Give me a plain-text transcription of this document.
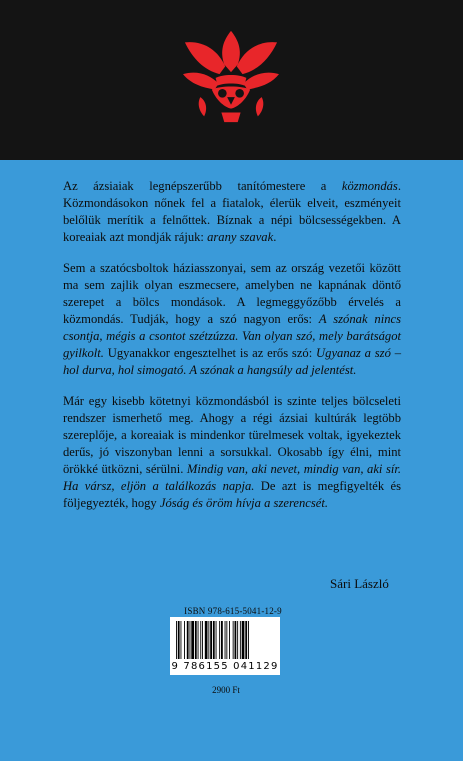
Az ázsiaiak legnépszerűbb tanítómestere a közmondás. Közmondásokon nőnek fel a fiatalok, élerük elveit, eszményeit belőlük merítik a felnőttek. Bíznak a népi bölcsességekben. A koreaiak azt mondják rájuk: arany szavak.

Sem a szatócsboltok háziasszonyai, sem az ország vezetői között ma sem zajlik olyan eszmecsere, amelyben ne kapnának döntő szerepet a bölcs mondások. A legmeggyőzőbb érvelés a közmondás. Tudják, hogy a szó nagyon erős: A szónak nincs csontja, mégis a csontot szétzúzza. Van olyan szó, mely barátságot gyilkolt. Ugyanakkor engesztelhet is az erős szó: Ugyanaz a szó – hol durva, hol simogató. A szónak a hangsúly ad jelentést.

Már egy kisebb kötetnyi közmondásból is szinte teljes bölcseleti rendszer ismerhető meg. Ahogy a régi ázsiai kultúrák legtöbb szereplője, a koreaiak is mindenkor türelmesek voltak, igyekeztek derűs, jó viszonyban lenni a sorsukkal. Okosabb így élni, mint örökké ütközni, sérülni. Mindig van, aki nevet, mindig van, aki sír. Ha vársz, eljön a találkozás napja. De azt is megfigyelték és följegyezték, hogy Jóság és öröm hívja a szerencsét.

Sári László
ISBN 978-615-5041-12-9
9 786155 041129
2900 Ft
